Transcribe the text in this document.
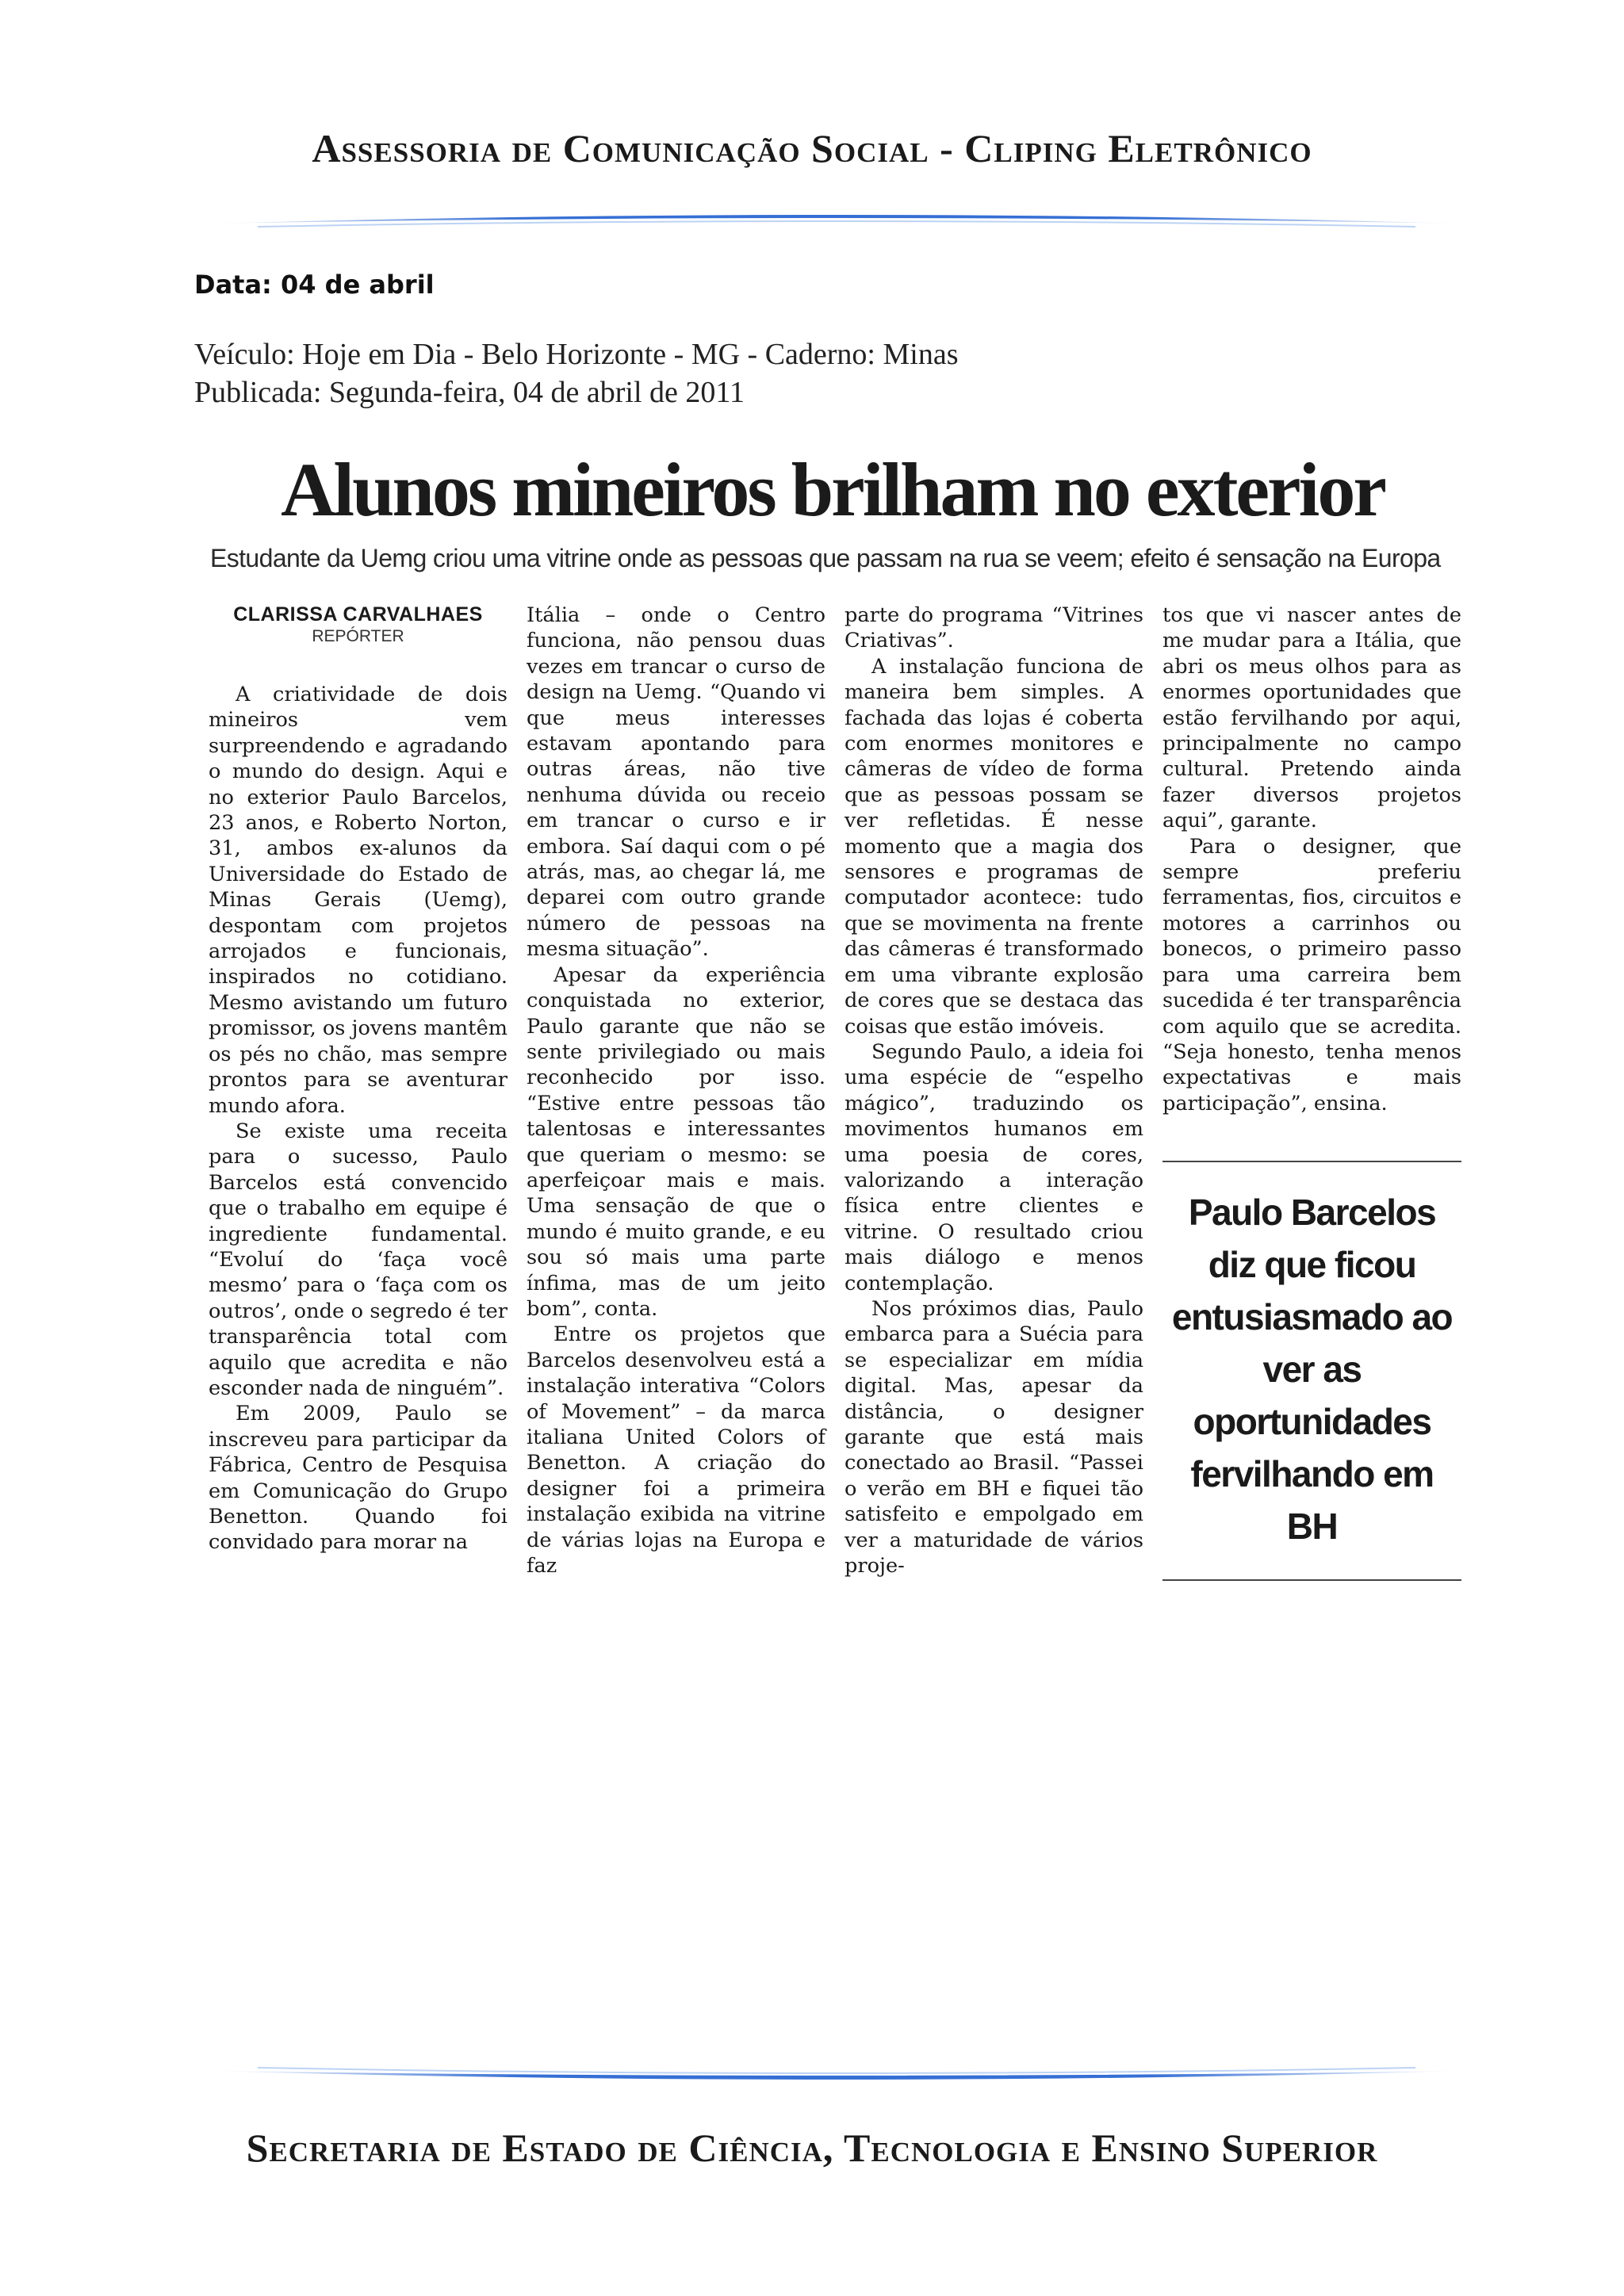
Assessoria de Comunicação Social - Cliping Eletrônico
Data: 04 de abril
Veículo: Hoje em Dia - Belo Horizonte - MG - Caderno: Minas
Publicada: Segunda-feira, 04 de abril de 2011
Alunos mineiros brilham no exterior
Estudante da Uemg criou uma vitrine onde as pessoas que passam na rua se veem; efeito é sensação na Europa
CLARISSA CARVALHAES
REPÓRTER

A criatividade de dois mineiros vem surpreendendo e agradando o mundo do design. Aqui e no exterior Paulo Barcelos, 23 anos, e Roberto Norton, 31, ambos ex-alunos da Universidade do Estado de Minas Gerais (Uemg), despontam com projetos arrojados e funcionais, inspirados no cotidiano. Mesmo avistando um futuro promissor, os jovens mantêm os pés no chão, mas sempre prontos para se aventurar mundo afora.

Se existe uma receita para o sucesso, Paulo Barcelos está convencido que o trabalho em equipe é ingrediente fundamental. “Evoluí do ‘faça você mesmo’ para o ‘faça com os outros’, onde o segredo é ter transparência total com aquilo que acredita e não esconder nada de ninguém”.

Em 2009, Paulo se inscreveu para participar da Fábrica, Centro de Pesquisa em Comunicação do Grupo Benetton. Quando foi convidado para morar na

Itália – onde o Centro funciona, não pensou duas vezes em trancar o curso de design na Uemg. “Quando vi que meus interesses estavam apontando para outras áreas, não tive nenhuma dúvida ou receio em trancar o curso e ir embora. Saí daqui com o pé atrás, mas, ao chegar lá, me deparei com outro grande número de pessoas na mesma situação”.

Apesar da experiência conquistada no exterior, Paulo garante que não se sente privilegiado ou mais reconhecido por isso. “Estive entre pessoas tão talentosas e interessantes que queriam o mesmo: se aperfeiçoar mais e mais. Uma sensação de que o mundo é muito grande, e eu sou só mais uma parte ínfima, mas de um jeito bom”, conta.

Entre os projetos que Barcelos desenvolveu está a instalação interativa “Colors of Movement” – da marca italiana United Colors of Benetton. A criação do designer foi a primeira instalação exibida na vitrine de várias lojas na Europa e faz

parte do programa “Vitrines Criativas”.

A instalação funciona de maneira bem simples. A fachada das lojas é coberta com enormes monitores e câmeras de vídeo de forma que as pessoas possam se ver refletidas. É nesse momento que a magia dos sensores e programas de computador acontece: tudo que se movimenta na frente das câmeras é transformado em uma vibrante explosão de cores que se destaca das coisas que estão imóveis.

Segundo Paulo, a ideia foi uma espécie de “espelho mágico”, traduzindo os movimentos humanos em uma poesia de cores, valorizando a interação física entre clientes e vitrine. O resultado criou mais diálogo e menos contemplação.

Nos próximos dias, Paulo embarca para a Suécia para se especializar em mídia digital. Mas, apesar da distância, o designer garante que está mais conectado ao Brasil. “Passei o verão em BH e fiquei tão satisfeito e empolgado em ver a maturidade de vários proje-

tos que vi nascer antes de me mudar para a Itália, que abri os meus olhos para as enormes oportunidades que estão fervilhando por aqui, principalmente no campo cultural. Pretendo ainda fazer diversos projetos aqui”, garante.

Para o designer, que sempre preferiu ferramentas, fios, circuitos e motores a carrinhos ou bonecos, o primeiro passo para uma carreira bem sucedida é ter transparência com aquilo que se acredita. “Seja honesto, tenha menos expectativas e mais participação”, ensina.

Paulo Barcelos diz que ficou entusiasmado ao ver as oportunidades fervilhando em BH
Secretaria de Estado de Ciência, Tecnologia e Ensino Superior
